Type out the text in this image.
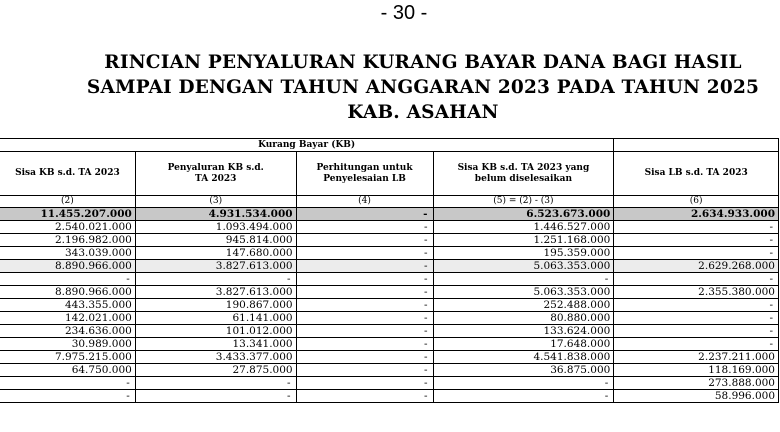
- 30 -
RINCIAN PENYALURAN KURANG BAYAR DANA BAGI HASIL
SAMPAI DENGAN TAHUN ANGGARAN 2023 PADA TAHUN 2025
KAB. ASAHAN
Kurang Bayar (KB)				
Sisa KB s.d. TA 2023	Penyaluran KB s.d. TA 2023	Perhitungan untuk Penyelesaian LB	Sisa KB s.d. TA 2023 yang belum diselesaikan	Sisa LB s.d. TA 2023
(2)	(3)	(4)	(5) = (2) - (3)	(6)
11.455.207.000	4.931.534.000	-	6.523.673.000	2.634.933.000
2.540.021.000	1.093.494.000	-	1.446.527.000	-
2.196.982.000	945.814.000	-	1.251.168.000	-
343.039.000	147.680.000	-	195.359.000	-
8.890.966.000	3.827.613.000	-	5.063.353.000	2.629.268.000
-	-	-	-	-
8.890.966.000	3.827.613.000	-	5.063.353.000	2.355.380.000
443.355.000	190.867.000	-	252.488.000	-
142.021.000	61.141.000	-	80.880.000	-
234.636.000	101.012.000	-	133.624.000	-
30.989.000	13.341.000	-	17.648.000	-
7.975.215.000	3.433.377.000	-	4.541.838.000	2.237.211.000
64.750.000	27.875.000	-	36.875.000	118.169.000
-	-	-	-	273.888.000
-	-	-	-	58.996.000
